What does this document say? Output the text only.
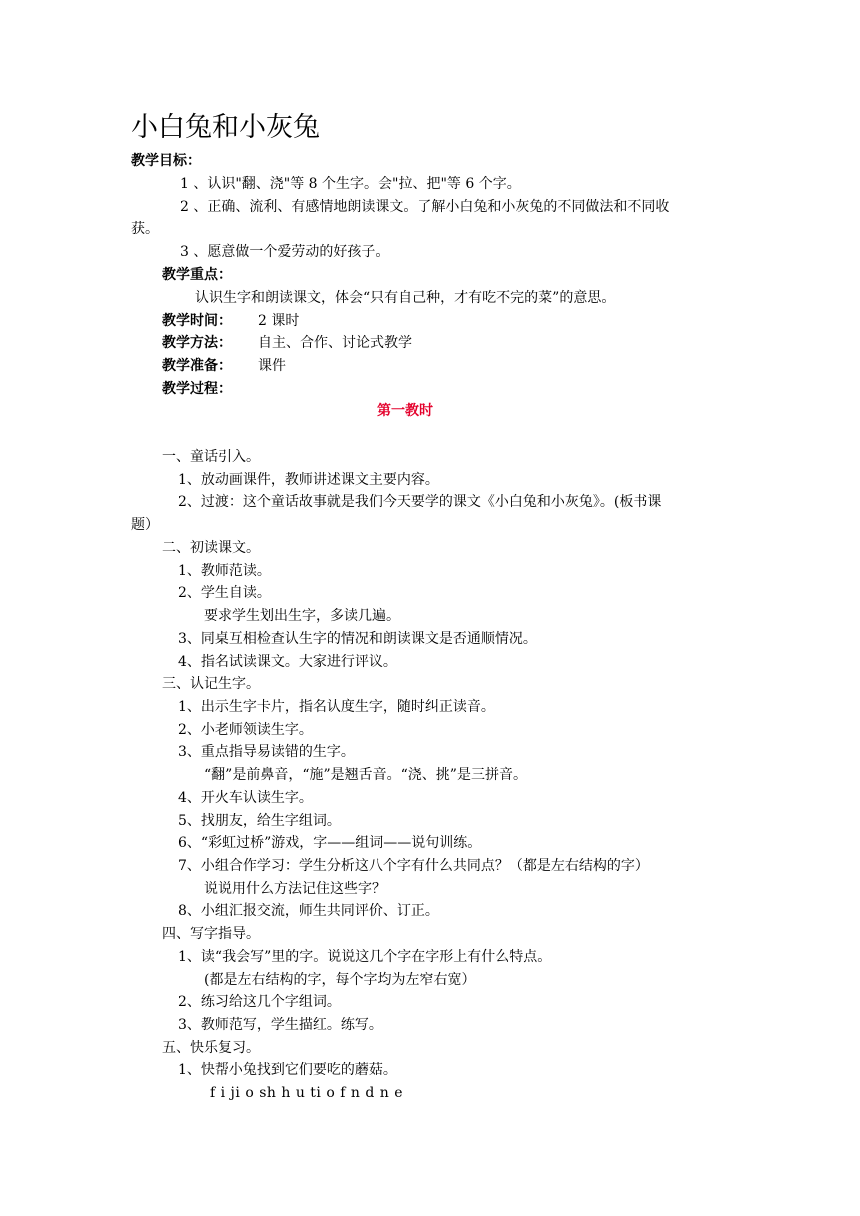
小白兔和小灰兔
教学目标：
1 、认识"翻、浇"等 8 个生字。会"拉、把"等 6 个字。
2 、正确、流利、有感情地朗读课文。了解小白兔和小灰兔的不同做法和不同收
获。
3 、愿意做一个爱劳动的好孩子。
教学重点：
认识生字和朗读课文，体会“只有自己种，才有吃不完的菜”的意思。
教学时间： 2 课时
教学方法： 自主、合作、讨论式教学
教学准备： 课件
教学过程：
第一教时
一、童话引入。
1、放动画课件，教师讲述课文主要内容。
2、过渡：这个童话故事就是我们今天要学的课文《小白兔和小灰兔》。(板书课
题）
二、初读课文。
1、教师范读。
2、学生自读。
要求学生划出生字，多读几遍。
3、同桌互相检查认生字的情况和朗读课文是否通顺情况。
4、指名试读课文。大家进行评议。
三、认记生字。
1、出示生字卡片，指名认度生字，随时纠正读音。
2、小老师领读生字。
3、重点指导易读错的生字。
“翻”是前鼻音，“施”是翘舌音。“浇、挑”是三拼音。
4、开火车认读生字。
5、找朋友，给生字组词。
6、“彩虹过桥”游戏，字——组词——说句训练。
7、小组合作学习：学生分析这八个字有什么共同点？（都是左右结构的字）
说说用什么方法记住这些字？
8、小组汇报交流，师生共同评价、订正。
四、写字指导。
1、读“我会写”里的字。说说这几个字在字形上有什么特点。
(都是左右结构的字，每个字均为左窄右宽）
2、练习给这几个字组词。
3、教师范写，学生描红。练写。
五、快乐复习。
1、快帮小兔找到它们要吃的蘑菇。
f i ji o sh h u ti o f n d n e
